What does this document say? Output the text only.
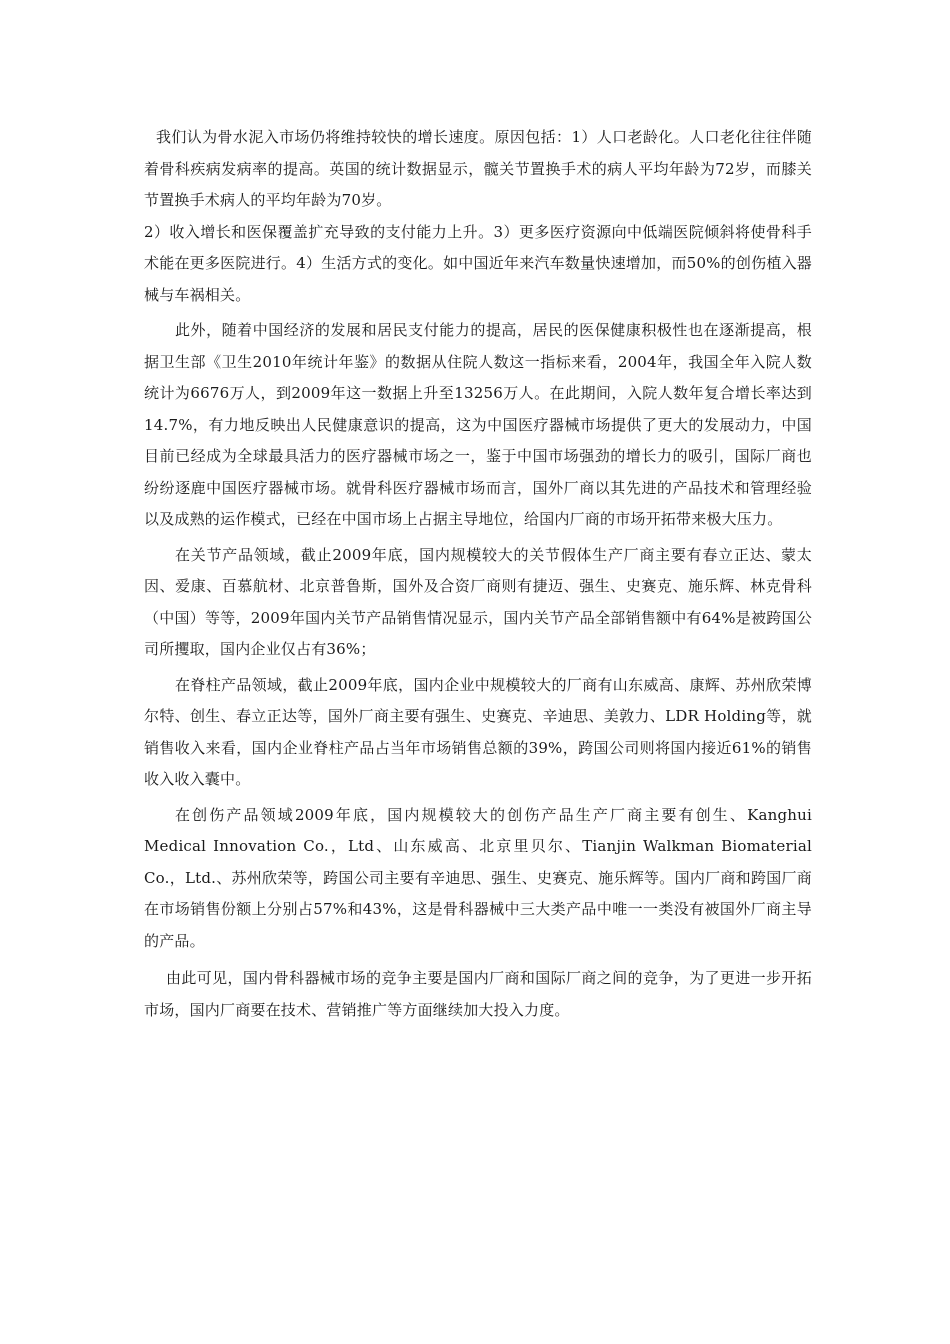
我们认为骨水泥入市场仍将维持较快的增长速度。原因包括：1）人口老龄化。人口老化往往伴随着骨科疾病发病率的提高。英国的统计数据显示，髋关节置换手术的病人平均年龄为72岁，而膝关节置换手术病人的平均年龄为70岁。

2）收入增长和医保覆盖扩充导致的支付能力上升。3）更多医疗资源向中低端医院倾斜将使骨科手术能在更多医院进行。4）生活方式的变化。如中国近年来汽车数量快速增加，而50%的创伤植入器械与车祸相关。

此外，随着中国经济的发展和居民支付能力的提高，居民的医保健康积极性也在逐渐提高，根据卫生部《卫生2010年统计年鉴》的数据从住院人数这一指标来看，2004年，我国全年入院人数统计为6676万人，到2009年这一数据上升至13256万人。在此期间，入院人数年复合增长率达到14.7%，有力地反映出人民健康意识的提高，这为中国医疗器械市场提供了更大的发展动力，中国目前已经成为全球最具活力的医疗器械市场之一，鉴于中国市场强劲的增长力的吸引，国际厂商也纷纷逐鹿中国医疗器械市场。就骨科医疗器械市场而言，国外厂商以其先进的产品技术和管理经验以及成熟的运作模式，已经在中国市场上占据主导地位，给国内厂商的市场开拓带来极大压力。

在关节产品领域，截止2009年底，国内规模较大的关节假体生产厂商主要有春立正达、蒙太因、爱康、百慕航材、北京普鲁斯，国外及合资厂商则有捷迈、强生、史赛克、施乐辉、林克骨科（中国）等等，2009年国内关节产品销售情况显示，国内关节产品全部销售额中有64%是被跨国公司所攫取，国内企业仅占有36%；

在脊柱产品领域，截止2009年底，国内企业中规模较大的厂商有山东威高、康辉、苏州欣荣博尔特、创生、春立正达等，国外厂商主要有强生、史赛克、辛迪思、美敦力、LDR Holding等，就销售收入来看，国内企业脊柱产品占当年市场销售总额的39%，跨国公司则将国内接近61%的销售收入收入囊中。

在创伤产品领域2009年底，国内规模较大的创伤产品生产厂商主要有创生、Kanghui Medical Innovation Co.，Ltd、山东威高、北京里贝尔、Tianjin Walkman Biomaterial Co.，Ltd.、苏州欣荣等，跨国公司主要有辛迪思、强生、史赛克、施乐辉等。国内厂商和跨国厂商在市场销售份额上分别占57%和43%，这是骨科器械中三大类产品中唯一一类没有被国外厂商主导的产品。

由此可见，国内骨科器械市场的竞争主要是国内厂商和国际厂商之间的竞争，为了更进一步开拓市场，国内厂商要在技术、营销推广等方面继续加大投入力度。
